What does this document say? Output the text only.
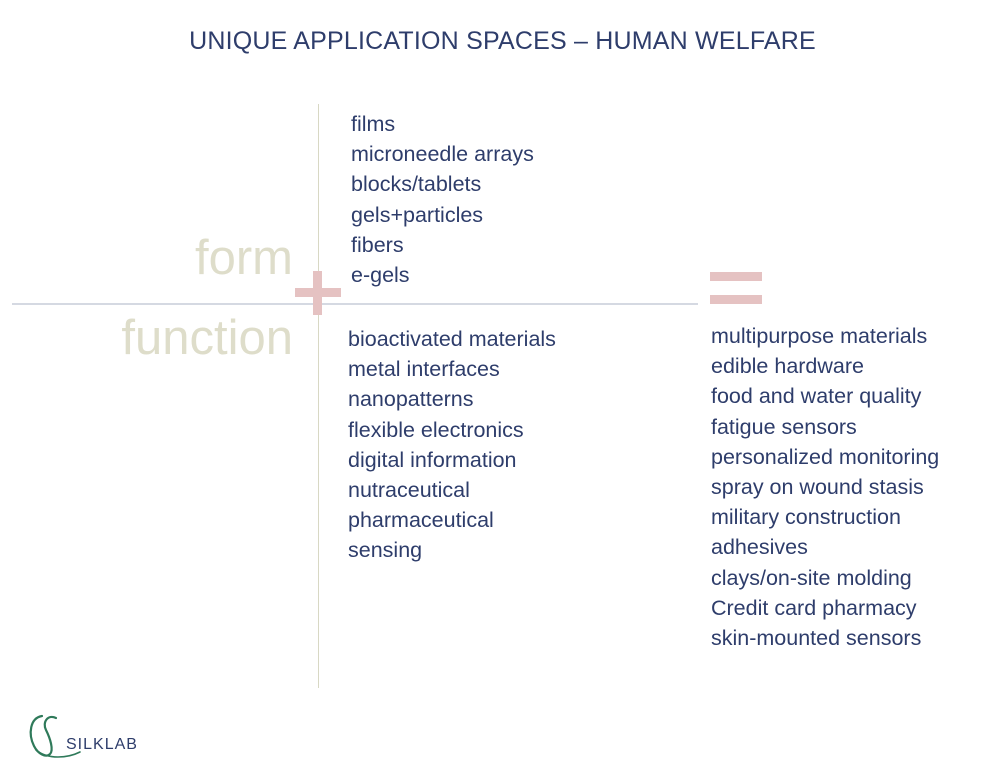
UNIQUE APPLICATION SPACES – HUMAN WELFARE
form
function
films
microneedle arrays
blocks/tablets
gels+particles
fibers
e-gels
bioactivated materials
metal interfaces
nanopatterns
flexible electronics
digital information
nutraceutical
pharmaceutical
sensing
multipurpose materials
edible hardware
food and water quality
fatigue sensors
personalized monitoring
spray on wound stasis
military construction
adhesives
clays/on-site molding
Credit card pharmacy
skin-mounted sensors
SILKLAB
